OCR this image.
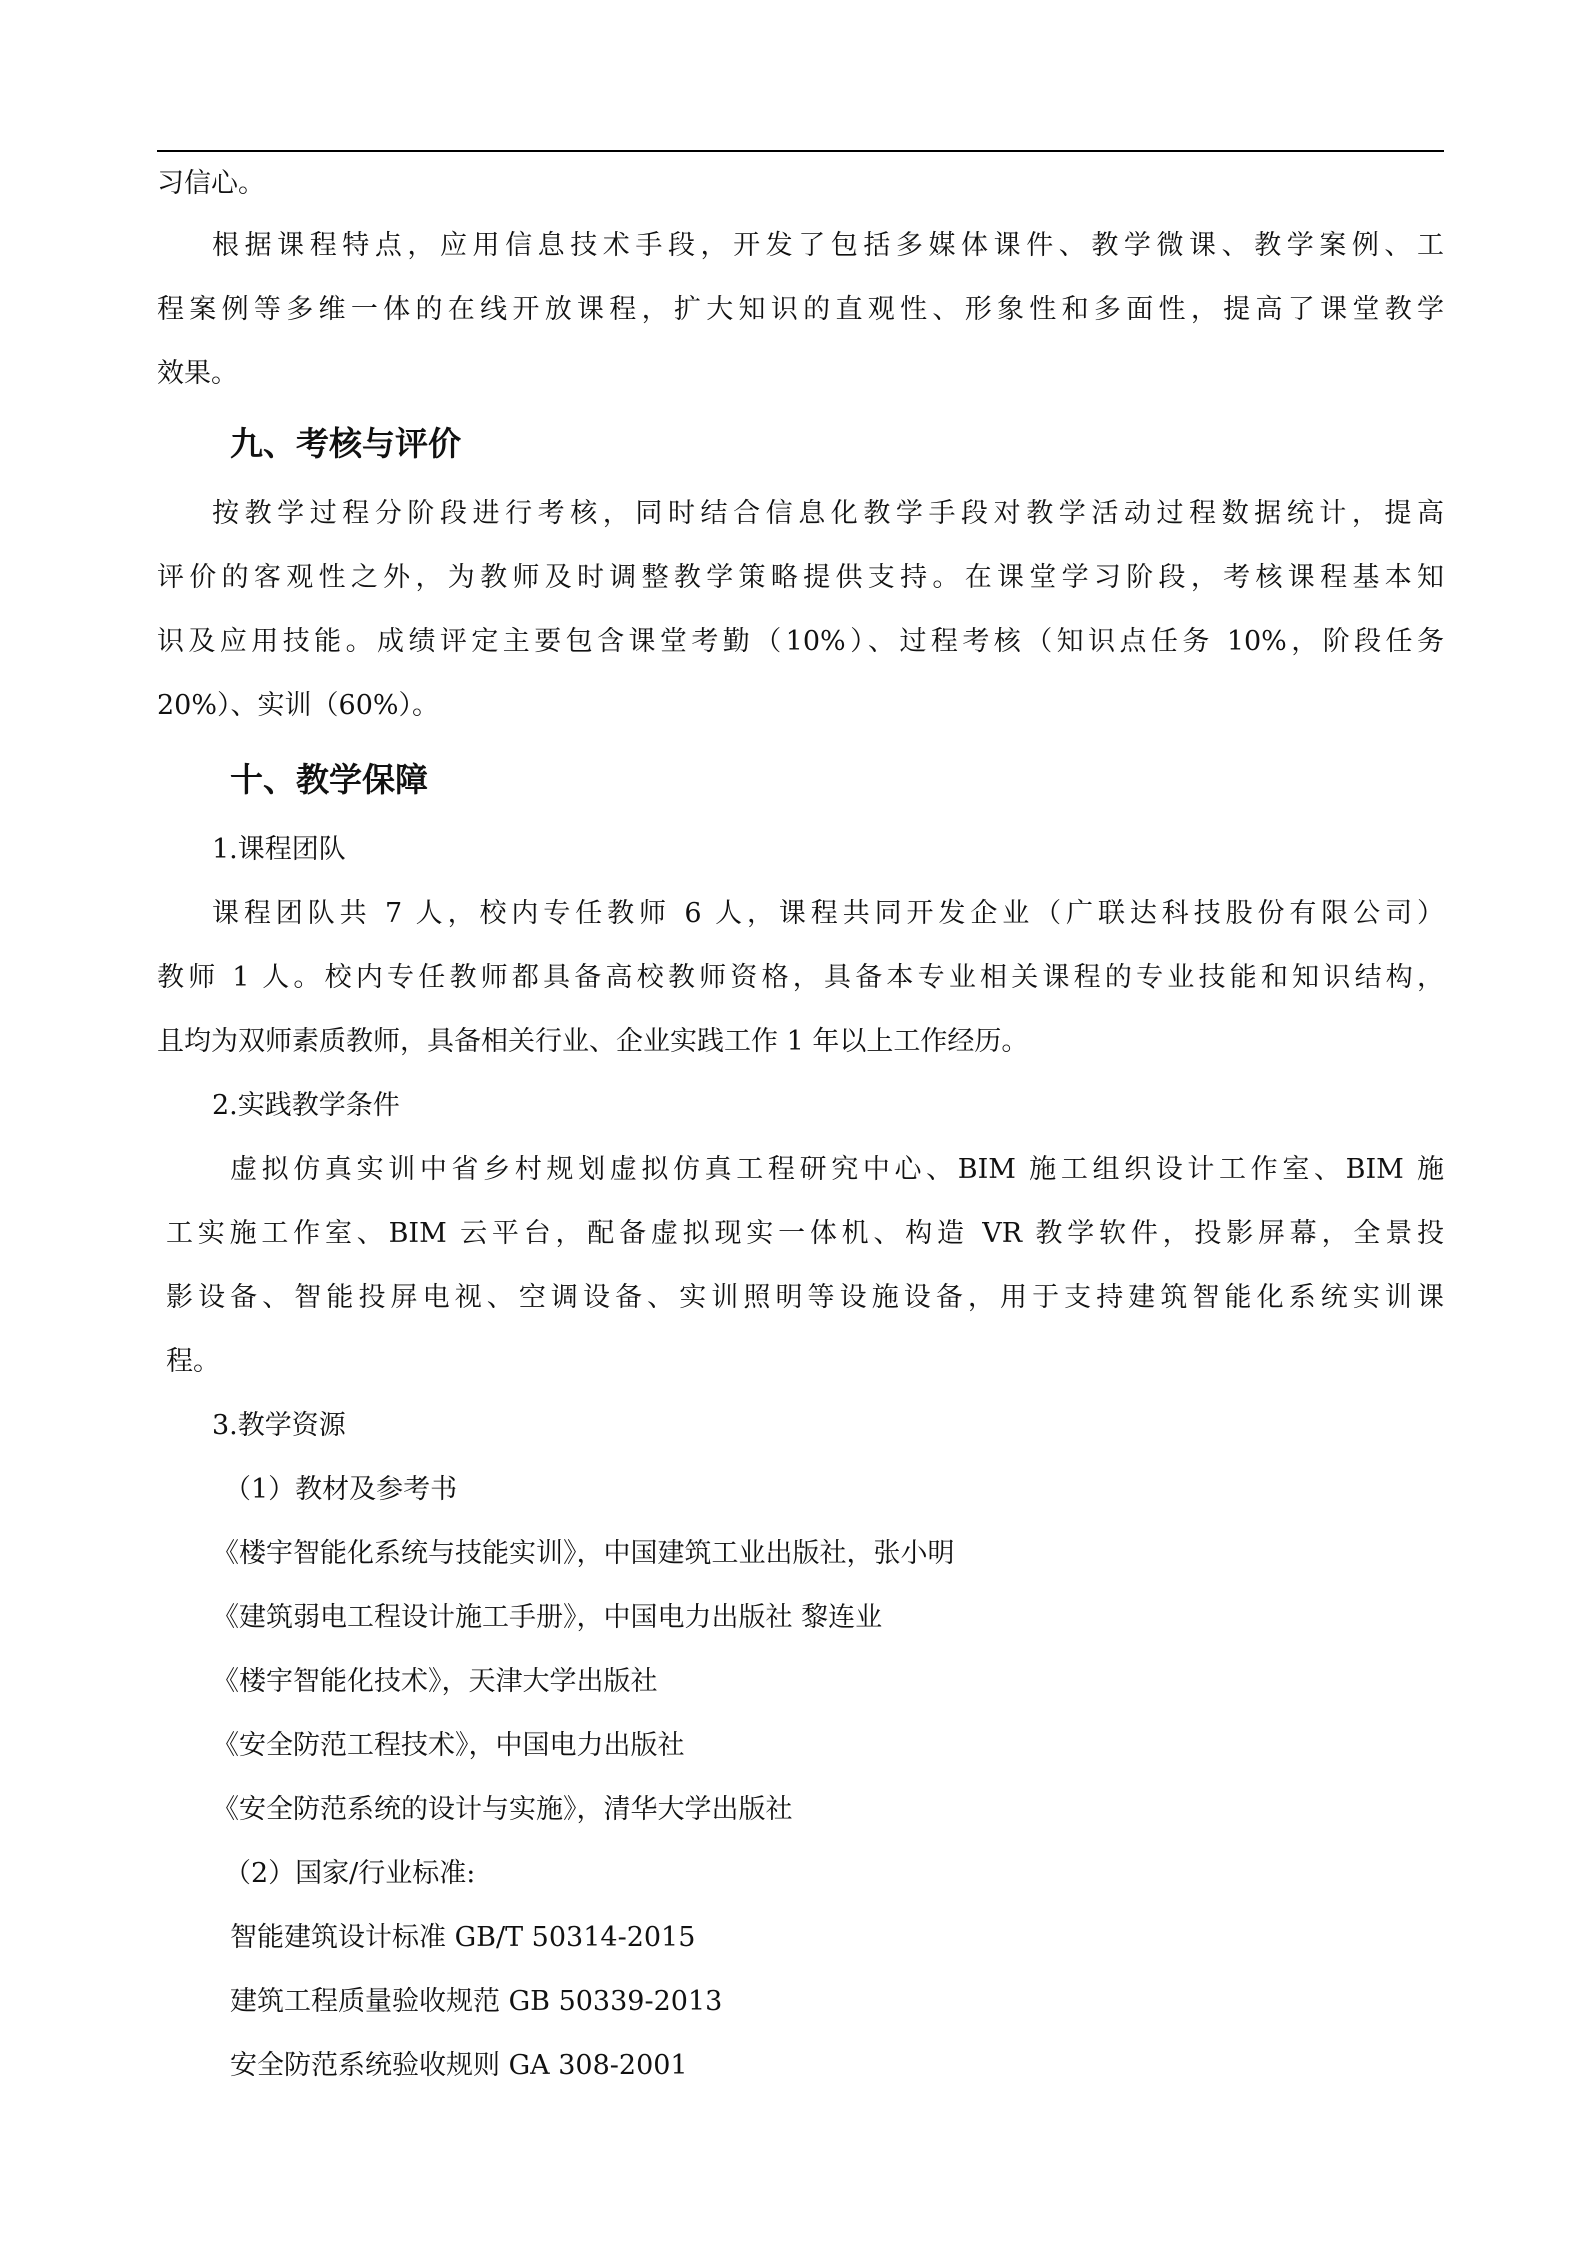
习信心。
根据课程特点，应用信息技术手段，开发了包括多媒体课件、教学微课、教学案例、工
程案例等多维一体的在线开放课程，扩大知识的直观性、形象性和多面性，提高了课堂教学
效果。
九、考核与评价
按教学过程分阶段进行考核，同时结合信息化教学手段对教学活动过程数据统计，提高
评价的客观性之外，为教师及时调整教学策略提供支持。在课堂学习阶段，考核课程基本知
识及应用技能。成绩评定主要包含课堂考勤（10%）、过程考核（知识点任务 10%，阶段任务
20%）、实训（60%）。
十、教学保障
1.课程团队
课程团队共 7 人，校内专任教师 6 人，课程共同开发企业（广联达科技股份有限公司）
教师 1 人。校内专任教师都具备高校教师资格，具备本专业相关课程的专业技能和知识结构，
且均为双师素质教师，具备相关行业、企业实践工作 1 年以上工作经历。
2.实践教学条件
虚拟仿真实训中省乡村规划虚拟仿真工程研究中心、BIM 施工组织设计工作室、BIM 施
工实施工作室、BIM 云平台，配备虚拟现实一体机、构造 VR 教学软件，投影屏幕，全景投
影设备、智能投屏电视、空调设备、实训照明等设施设备，用于支持建筑智能化系统实训课
程。
3.教学资源
（1）教材及参考书
《楼宇智能化系统与技能实训》，中国建筑工业出版社，张小明
《建筑弱电工程设计施工手册》，中国电力出版社 黎连业
《楼宇智能化技术》，天津大学出版社
《安全防范工程技术》，中国电力出版社
《安全防范系统的设计与实施》，清华大学出版社
（2）国家/行业标准:
智能建筑设计标准 GB/T 50314-2015
建筑工程质量验收规范 GB 50339-2013
安全防范系统验收规则 GA 308-2001
